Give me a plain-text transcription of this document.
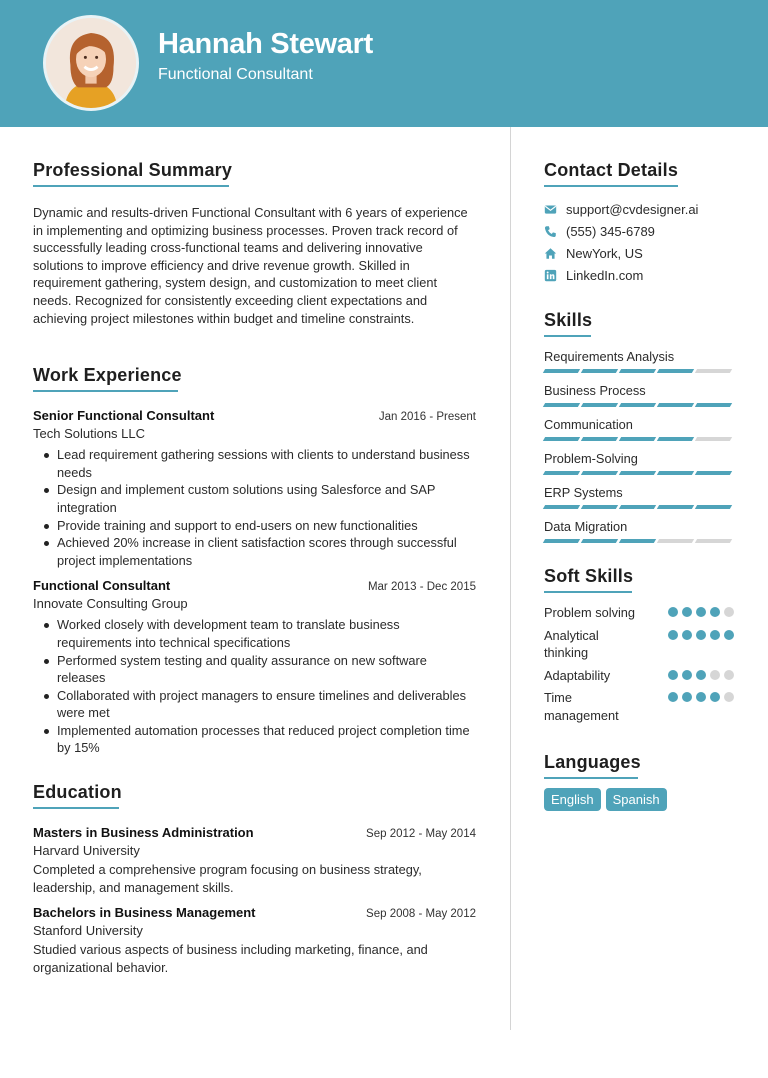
Hannah Stewart
Functional Consultant
Professional Summary

Dynamic and results-driven Functional Consultant with 6 years of experience in implementing and optimizing business processes. Proven track record of successfully leading cross-functional teams and delivering innovative solutions to improve efficiency and drive revenue growth. Skilled in requirement gathering, system design, and customization to meet client needs. Recognized for consistently exceeding client expectations and achieving project milestones within budget and timeline constraints.

Work Experience
Senior Functional Consultant	Jan 2016 - Present
Tech Solutions LLC
Lead requirement gathering sessions with clients to understand business needs
Design and implement custom solutions using Salesforce and SAP integration
Provide training and support to end-users on new functionalities
Achieved 20% increase in client satisfaction scores through successful project implementations
Functional Consultant	Mar 2013 - Dec 2015
Innovate Consulting Group
Worked closely with development team to translate business requirements into technical specifications
Performed system testing and quality assurance on new software releases
Collaborated with project managers to ensure timelines and deliverables were met
Implemented automation processes that reduced project completion time by 15%
Education
Masters in Business Administration	Sep 2012 - May 2014
Harvard University

Completed a comprehensive program focusing on business strategy, leadership, and management skills.

Bachelors in Business Management	Sep 2008 - May 2012
Stanford University

Studied various aspects of business including marketing, finance, and organizational behavior.

Contact Details
support@cvdesigner.ai
(555) 345-6789
NewYork, US
LinkedIn.com
Skills
Requirements Analysis
Business Process
Communication
Problem-Solving
ERP Systems
Data Migration
Soft Skills
Problem solving
Analytical thinking
Adaptability
Time management
Languages
English	Spanish
